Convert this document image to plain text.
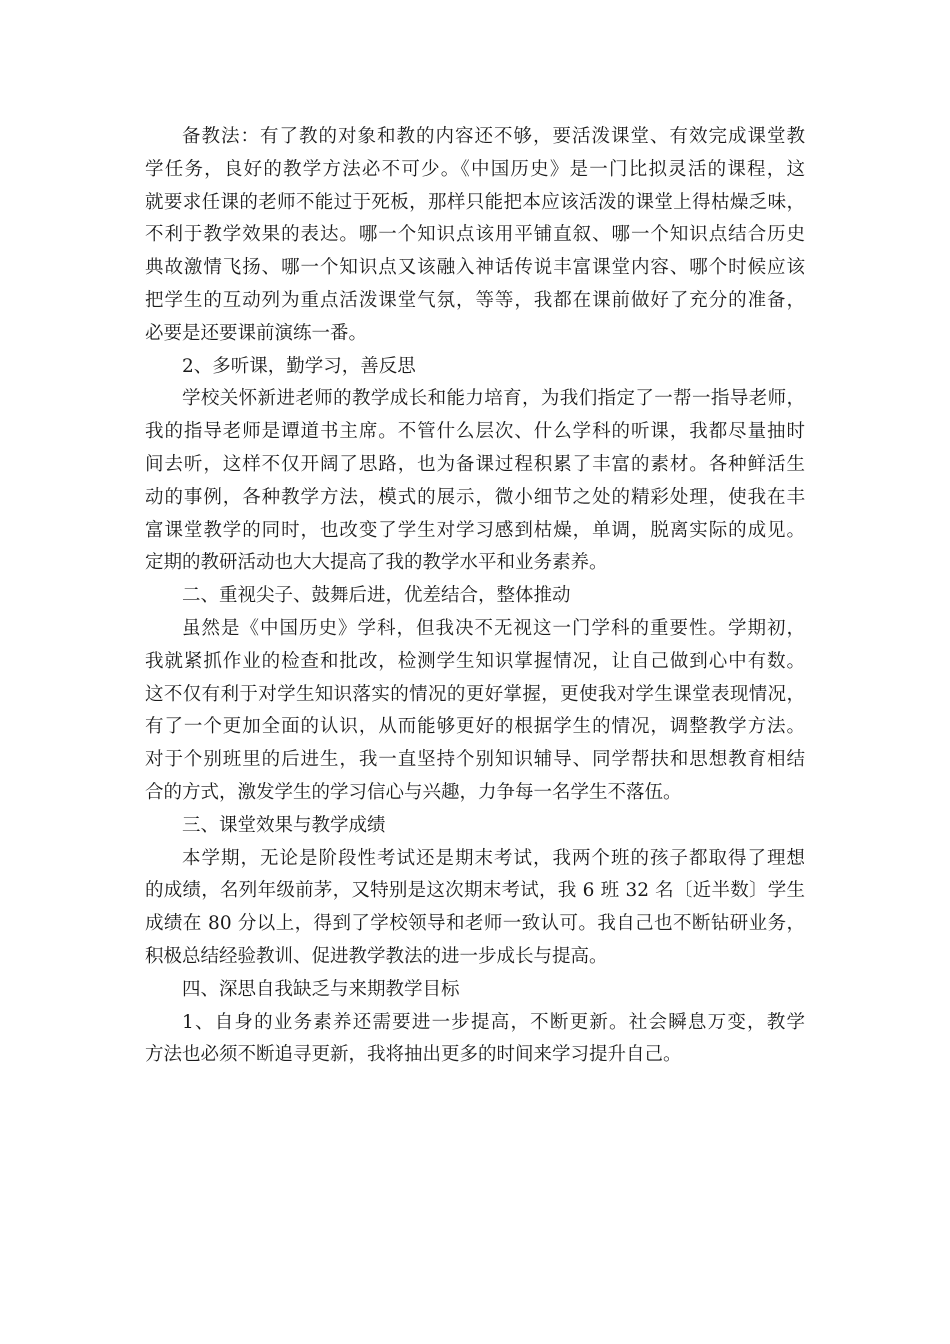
备教法：有了教的对象和教的内容还不够，要活泼课堂、有效完成课堂教
学任务，良好的教学方法必不可少。《中国历史》是一门比拟灵活的课程，这
就要求任课的老师不能过于死板，那样只能把本应该活泼的课堂上得枯燥乏味，
不利于教学效果的表达。哪一个知识点该用平铺直叙、哪一个知识点结合历史
典故激情飞扬、哪一个知识点又该融入神话传说丰富课堂内容、哪个时候应该
把学生的互动列为重点活泼课堂气氛，等等，我都在课前做好了充分的准备，
必要是还要课前演练一番。
2、多听课，勤学习，善反思
学校关怀新进老师的教学成长和能力培育，为我们指定了一帮一指导老师，
我的指导老师是谭道书主席。不管什么层次、什么学科的听课，我都尽量抽时
间去听，这样不仅开阔了思路，也为备课过程积累了丰富的素材。各种鲜活生
动的事例，各种教学方法，模式的展示，微小细节之处的精彩处理，使我在丰
富课堂教学的同时，也改变了学生对学习感到枯燥，单调，脱离实际的成见。
定期的教研活动也大大提高了我的教学水平和业务素养。
二、重视尖子、鼓舞后进，优差结合，整体推动
虽然是《中国历史》学科，但我决不无视这一门学科的重要性。学期初，
我就紧抓作业的检查和批改，检测学生知识掌握情况，让自己做到心中有数。
这不仅有利于对学生知识落实的情况的更好掌握，更使我对学生课堂表现情况，
有了一个更加全面的认识，从而能够更好的根据学生的情况，调整教学方法。
对于个别班里的后进生，我一直坚持个别知识辅导、同学帮扶和思想教育相结
合的方式，激发学生的学习信心与兴趣，力争每一名学生不落伍。
三、课堂效果与教学成绩
本学期，无论是阶段性考试还是期末考试，我两个班的孩子都取得了理想
的成绩，名列年级前茅，又特别是这次期末考试，我 6 班 32 名〔近半数〕学生
成绩在 80 分以上，得到了学校领导和老师一致认可。我自己也不断钻研业务，
积极总结经验教训、促进教学教法的进一步成长与提高。
四、深思自我缺乏与来期教学目标
1、自身的业务素养还需要进一步提高，不断更新。社会瞬息万变，教学
方法也必须不断追寻更新，我将抽出更多的时间来学习提升自己。
